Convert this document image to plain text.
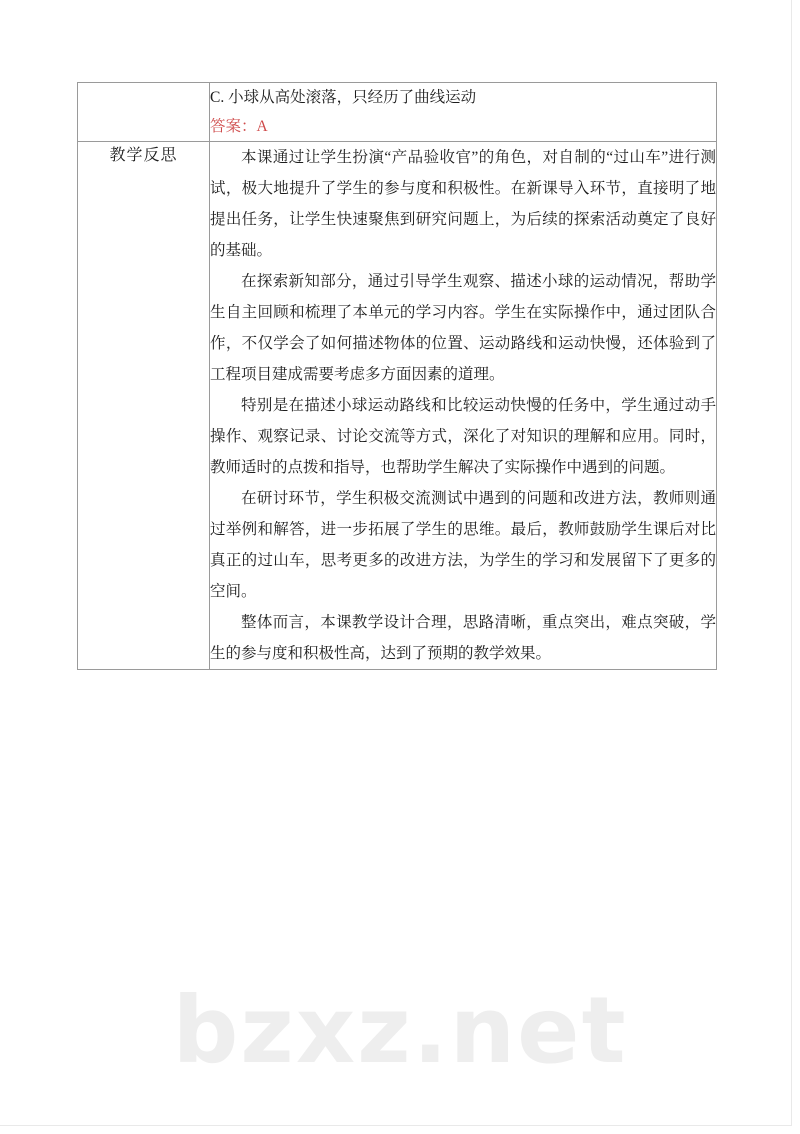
	C. 小球从高处滚落，只经历了曲线运动
答案：A

教学反思	本课通过让学生扮演“产品验收官”的角色，对自制的“过山车”进行测试，极大地提升了学生的参与度和积极性。在新课导入环节，直接明了地提出任务，让学生快速聚焦到研究问题上，为后续的探索活动奠定了良好的基础。

在探索新知部分，通过引导学生观察、描述小球的运动情况，帮助学生自主回顾和梳理了本单元的学习内容。学生在实际操作中，通过团队合作，不仅学会了如何描述物体的位置、运动路线和运动快慢，还体验到了工程项目建成需要考虑多方面因素的道理。

特别是在描述小球运动路线和比较运动快慢的任务中，学生通过动手操作、观察记录、讨论交流等方式，深化了对知识的理解和应用。同时，教师适时的点拨和指导，也帮助学生解决了实际操作中遇到的问题。

在研讨环节，学生积极交流测试中遇到的问题和改进方法，教师则通过举例和解答，进一步拓展了学生的思维。最后，教师鼓励学生课后对比真正的过山车，思考更多的改进方法，为学生的学习和发展留下了更多的空间。

整体而言，本课教学设计合理，思路清晰，重点突出，难点突破，学生的参与度和积极性高，达到了预期的教学效果。

bzxz.net
